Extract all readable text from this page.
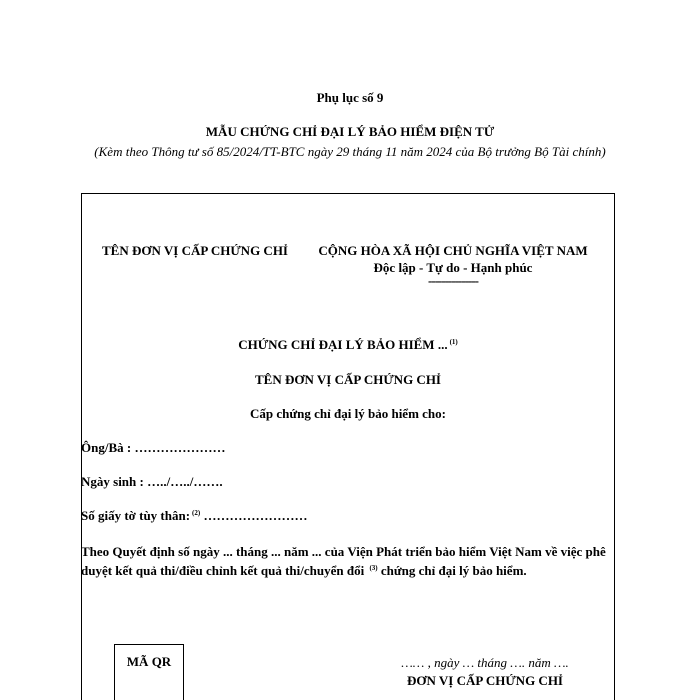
Phụ lục số 9
MẪU CHỨNG CHỈ ĐẠI LÝ BẢO HIỂM ĐIỆN TỬ
(Kèm theo Thông tư số 85/2024/TT-BTC ngày 29 tháng 11 năm 2024 của Bộ trưởng Bộ Tài chính)
TÊN ĐƠN VỊ CẤP CHỨNG CHỈ	CỘNG HÒA XÃ HỘI CHỦ NGHĨA VIỆT NAM
Độc lập - Tự do - Hạnh phúc
---------------
CHỨNG CHỈ ĐẠI LÝ BẢO HIỂM ... $^{(1)}$
TÊN ĐƠN VỊ CẤP CHỨNG CHỈ
Cấp chứng chỉ đại lý bảo hiểm cho:
Ông/Bà : …………………
Ngày sinh : …../…../…….
Số giấy tờ tùy thân: $^{(2)}$ ……………………
Theo Quyết định số ngày ... tháng ... năm ... của Viện Phát triển bảo hiểm Việt Nam về việc phê duyệt kết quả thi/điều chỉnh kết quả thi/chuyển đổi $^{(3)}$ chứng chỉ đại lý bảo hiểm.
MÃ QR	…… , ngày … tháng …. năm ….
ĐƠN VỊ CẤP CHỨNG CHỈ
